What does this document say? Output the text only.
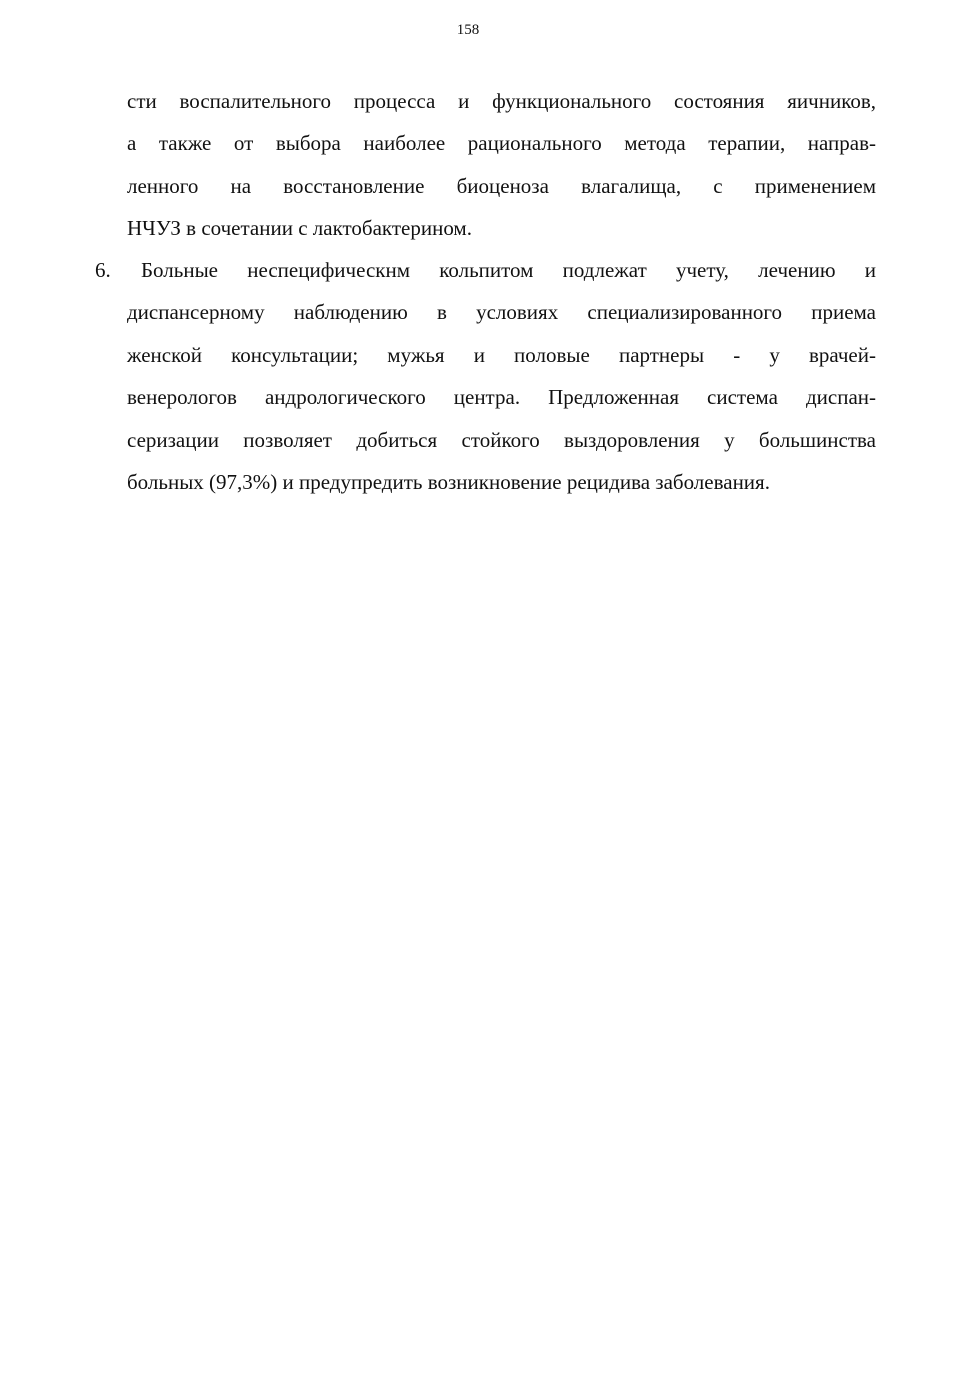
158
сти воспалительного процесса и функционального состояния яичников,
а также от выбора наиболее рационального метода терапии, направ-
ленного на восстановление биоценоза влагалища, с применением
НЧУЗ в сочетании с лактобактерином.
6.	Больные неспецифическнм кольпитом подлежат учету, лечению и
диспансерному наблюдению в условиях специализированного приема
женской консультации; мужья и половые партнеры - у врачей-
венерологов андрологического центра. Предложенная система диспан-
серизации позволяет добиться стойкого выздоровления у большинства
больных (97,3%) и предупредить возникновение рецидива заболевания.
